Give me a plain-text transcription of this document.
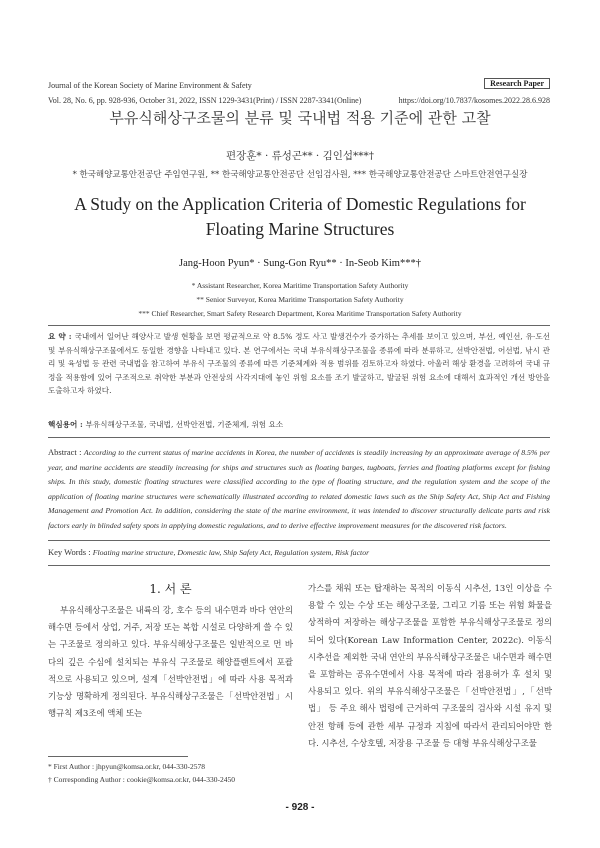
Journal of the Korean Society of Marine Environment & Safety	Research Paper
Vol. 28, No. 6, pp. 928-936, October 31, 2022, ISSN 1229-3431(Print) / ISSN 2287-3341(Online)	https://doi.org/10.7837/kosomes.2022.28.6.928
부유식해상구조물의 분류 및 국내법 적용 기준에 관한 고찰
편장훈* · 류성곤** · 김인섭***†
* 한국해양교통안전공단 주임연구원, ** 한국해양교통안전공단 선임검사원, *** 한국해양교통안전공단 스마트안전연구실장
A Study on the Application Criteria of Domestic Regulations for
Floating Marine Structures
Jang-Hoon Pyun* · Sung-Gon Ryu** · In-Seob Kim***†
* Assistant Researcher, Korea Maritime Transportation Safety Authority
** Senior Surveyor, Korea Maritime Transportation Safety Authority
*** Chief Researcher, Smart Safety Research Department, Korea Maritime Transportation Safety Authority
요 약 : 국내에서 일어난 해양사고 발생 현황을 보면 평균적으로 약 8.5% 정도 사고 발생건수가 증가하는 추세를 보이고 있으며, 부선, 예인선, 유·도선 및 부유식해상구조물에서도 동일한 경향을 나타내고 있다. 본 연구에서는 국내 부유식해상구조물을 종류에 따라 분류하고, 선박안전법, 어선법, 낚시 관리 및 육성법 등 관련 국내법을 참고하여 부유식 구조물의 종류에 따른 기준체계와 적용 범위를 검토하고자 하였다. 아울러 해상 환경을 고려하여 국내 규정을 적용함에 있어 구조적으로 취약한 부분과 안전상의 사각지대에 놓인 위험 요소를 조기 발굴하고, 발굴된 위험 요소에 대해서 효과적인 개선 방안을 도출하고자 하였다.
핵심용어 : 부유식해상구조물, 국내법, 선박안전법, 기준체계, 위험 요소
Abstract : According to the current status of marine accidents in Korea, the number of accidents is steadily increasing by an approximate average of 8.5% per year, and marine accidents are steadily increasing for ships and structures such as floating barges, tugboats, ferries and floating platforms except for fishing ships. In this study, domestic floating structures were classified according to the type of floating structure, and the regulation system and the scope of the application of floating marine structures were schematically illustrated according to related domestic laws such as the Ship Safety Act, Ship Act and Fishing Management and Promotion Act. In addition, considering the state of the marine environment, it was intended to discover structurally delicate parts and risk factors early in blinded safety spots in applying domestic regulations, and to derive effective improvement measures for the discovered risk factors.
Key Words : Floating marine structure, Domestic law, Ship Safety Act, Regulation system, Risk factor
1. 서 론
부유식해상구조물은 내륙의 강, 호수 등의 내수면과 바다 연안의 해수면 등에서 상업, 거주, 저장 또는 복합 시설로 다양하게 쓸 수 있는 구조물로 정의하고 있다. 부유식해상구조물은 일반적으로 먼 바다의 깊은 수심에 설치되는 부유식 구조물로 해양플랜트에서 포괄적으로 사용되고 있으며, 설계「선박안전법」에 따라 사용 목적과 기능상 명확하게 정의된다. 부유식해상구조물은「선박안전법」시행규칙 제3조에 액체 또는
가스를 채워 또는 탑재하는 목적의 이동식 시추선, 13인 이상을 수용할 수 있는 수상 또는 해상구조물, 그리고 기름 또는 위험 화물을 상적하여 저장하는 해상구조물을 포함한 부유식해상구조물로 정의되어 있다(Korean Law Information Center, 2022c). 이동식 시추선을 제외한 국내 연안의 부유식해상구조물은 내수면과 해수면을 포함하는 공유수면에서 사용 목적에 따라 점용허가 후 설치 및 사용되고 있다. 위의 부유식해상구조물은「선박안전법」,「선박법」 등 주요 해사 법령에 근거하여 구조물의 검사와 시설 유지 및 안전 항해 등에 관한 세부 규정과 지침에 따라서 관리되어야만 한다. 시추선, 수상호텔, 저장용 구조물 등 대형 부유식해상구조물
* First Author : jhpyun@komsa.or.kr, 044-330-2578
† Corresponding Author : cookie@komsa.or.kr, 044-330-2450
- 928 -
